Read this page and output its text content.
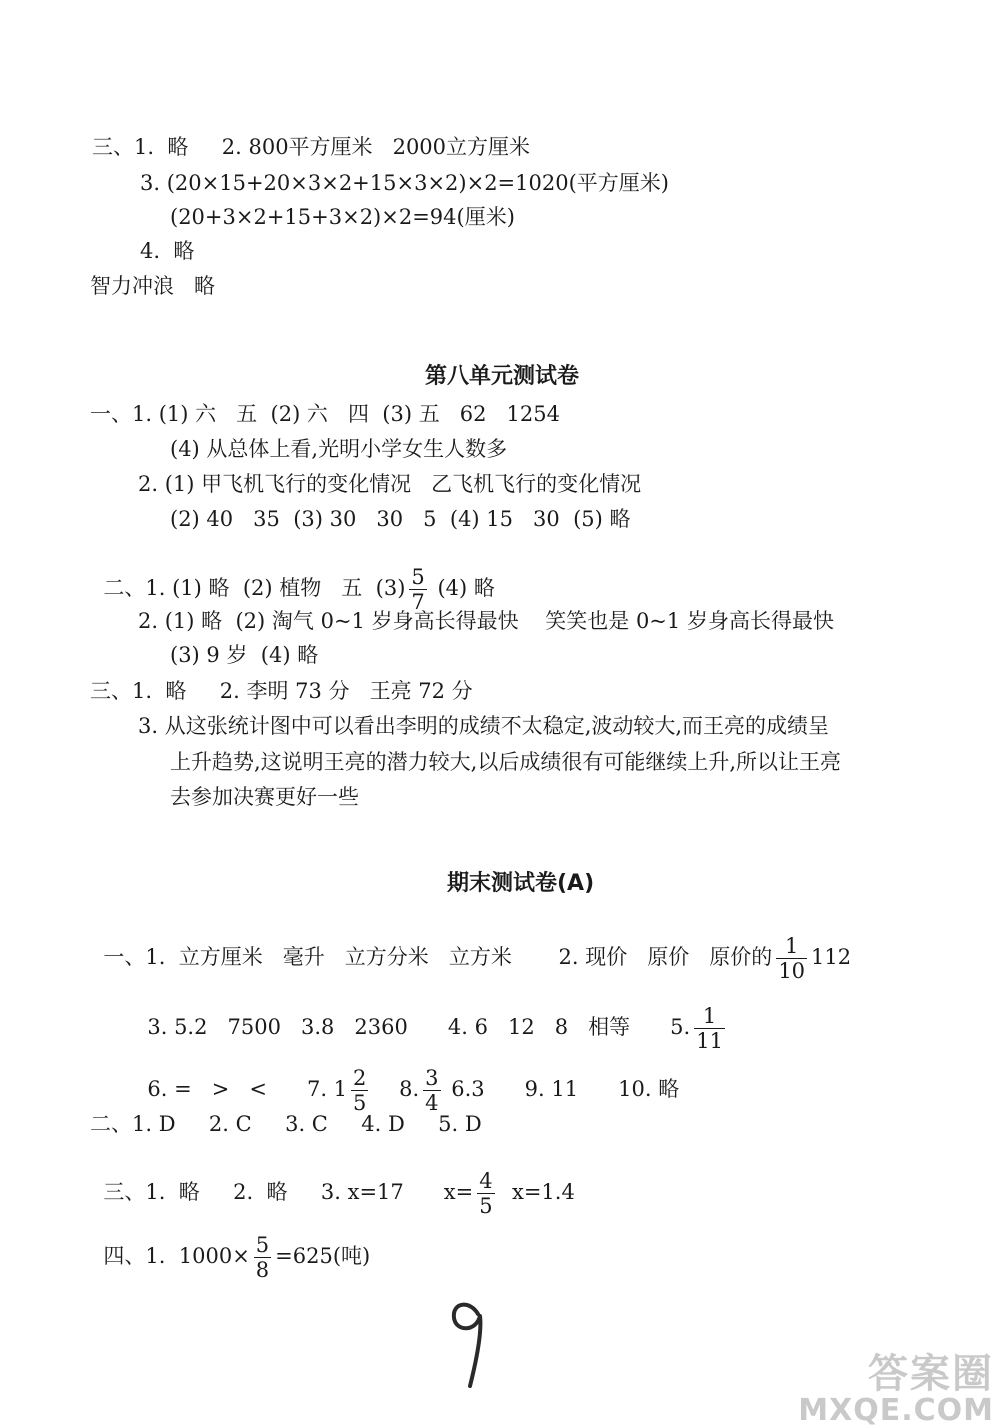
三、1.  略     2. 800平方厘米   2000立方厘米
3. (20×15+20×3×2+15×3×2)×2=1020(平方厘米)
(20+3×2+15+3×2)×2=94(厘米)
4.  略
智力冲浪   略
第八单元测试卷
一、1. (1) 六   五  (2) 六   四  (3) 五   62   1254
(4) 从总体上看,光明小学女生人数多
2. (1) 甲飞机飞行的变化情况   乙飞机飞行的变化情况
(2) 40   35  (3) 30   30   5  (4) 15   30  (5) 略

二、1. (1) 略  (2) 植物   五  $(3) \frac{5}{7} (4)$ 略

2. (1) 略  (2) 淘气 0~1 岁身高长得最快    笑笑也是 0~1 岁身高长得最快
(3) 9 岁  (4) 略
三、1.  略     2. 李明 73 分   王亮 72 分
3. 从这张统计图中可以看出李明的成绩不太稳定,波动较大,而王亮的成绩呈
上升趋势,这说明王亮的潜力较大,以后成绩很有可能继续上升,所以让王亮
去参加决赛更好一些
期末测试卷(A)

一、1.  立方厘米   毫升   立方分米   立方米       2. 现价   原价   原价的 $\frac{1}{10} 112$

3. 5.2   7500   3.8   2360      4. 6   12   8   相等      5. $\frac{1}{11}$

6. =   >   <      7. $1 \frac{2}{5} 8$. $\frac{3}{4} 6.3$      9. 11      10. 略

二、1. D     2. C     3. C     4. D     5. D

三、1.  略     2.  略     3. x=17      $x= \frac{4}{5} x=1.4$

四、1.  $1000\times \frac{5}{8} =625$(吨)

答案圈
MXQE.COM
